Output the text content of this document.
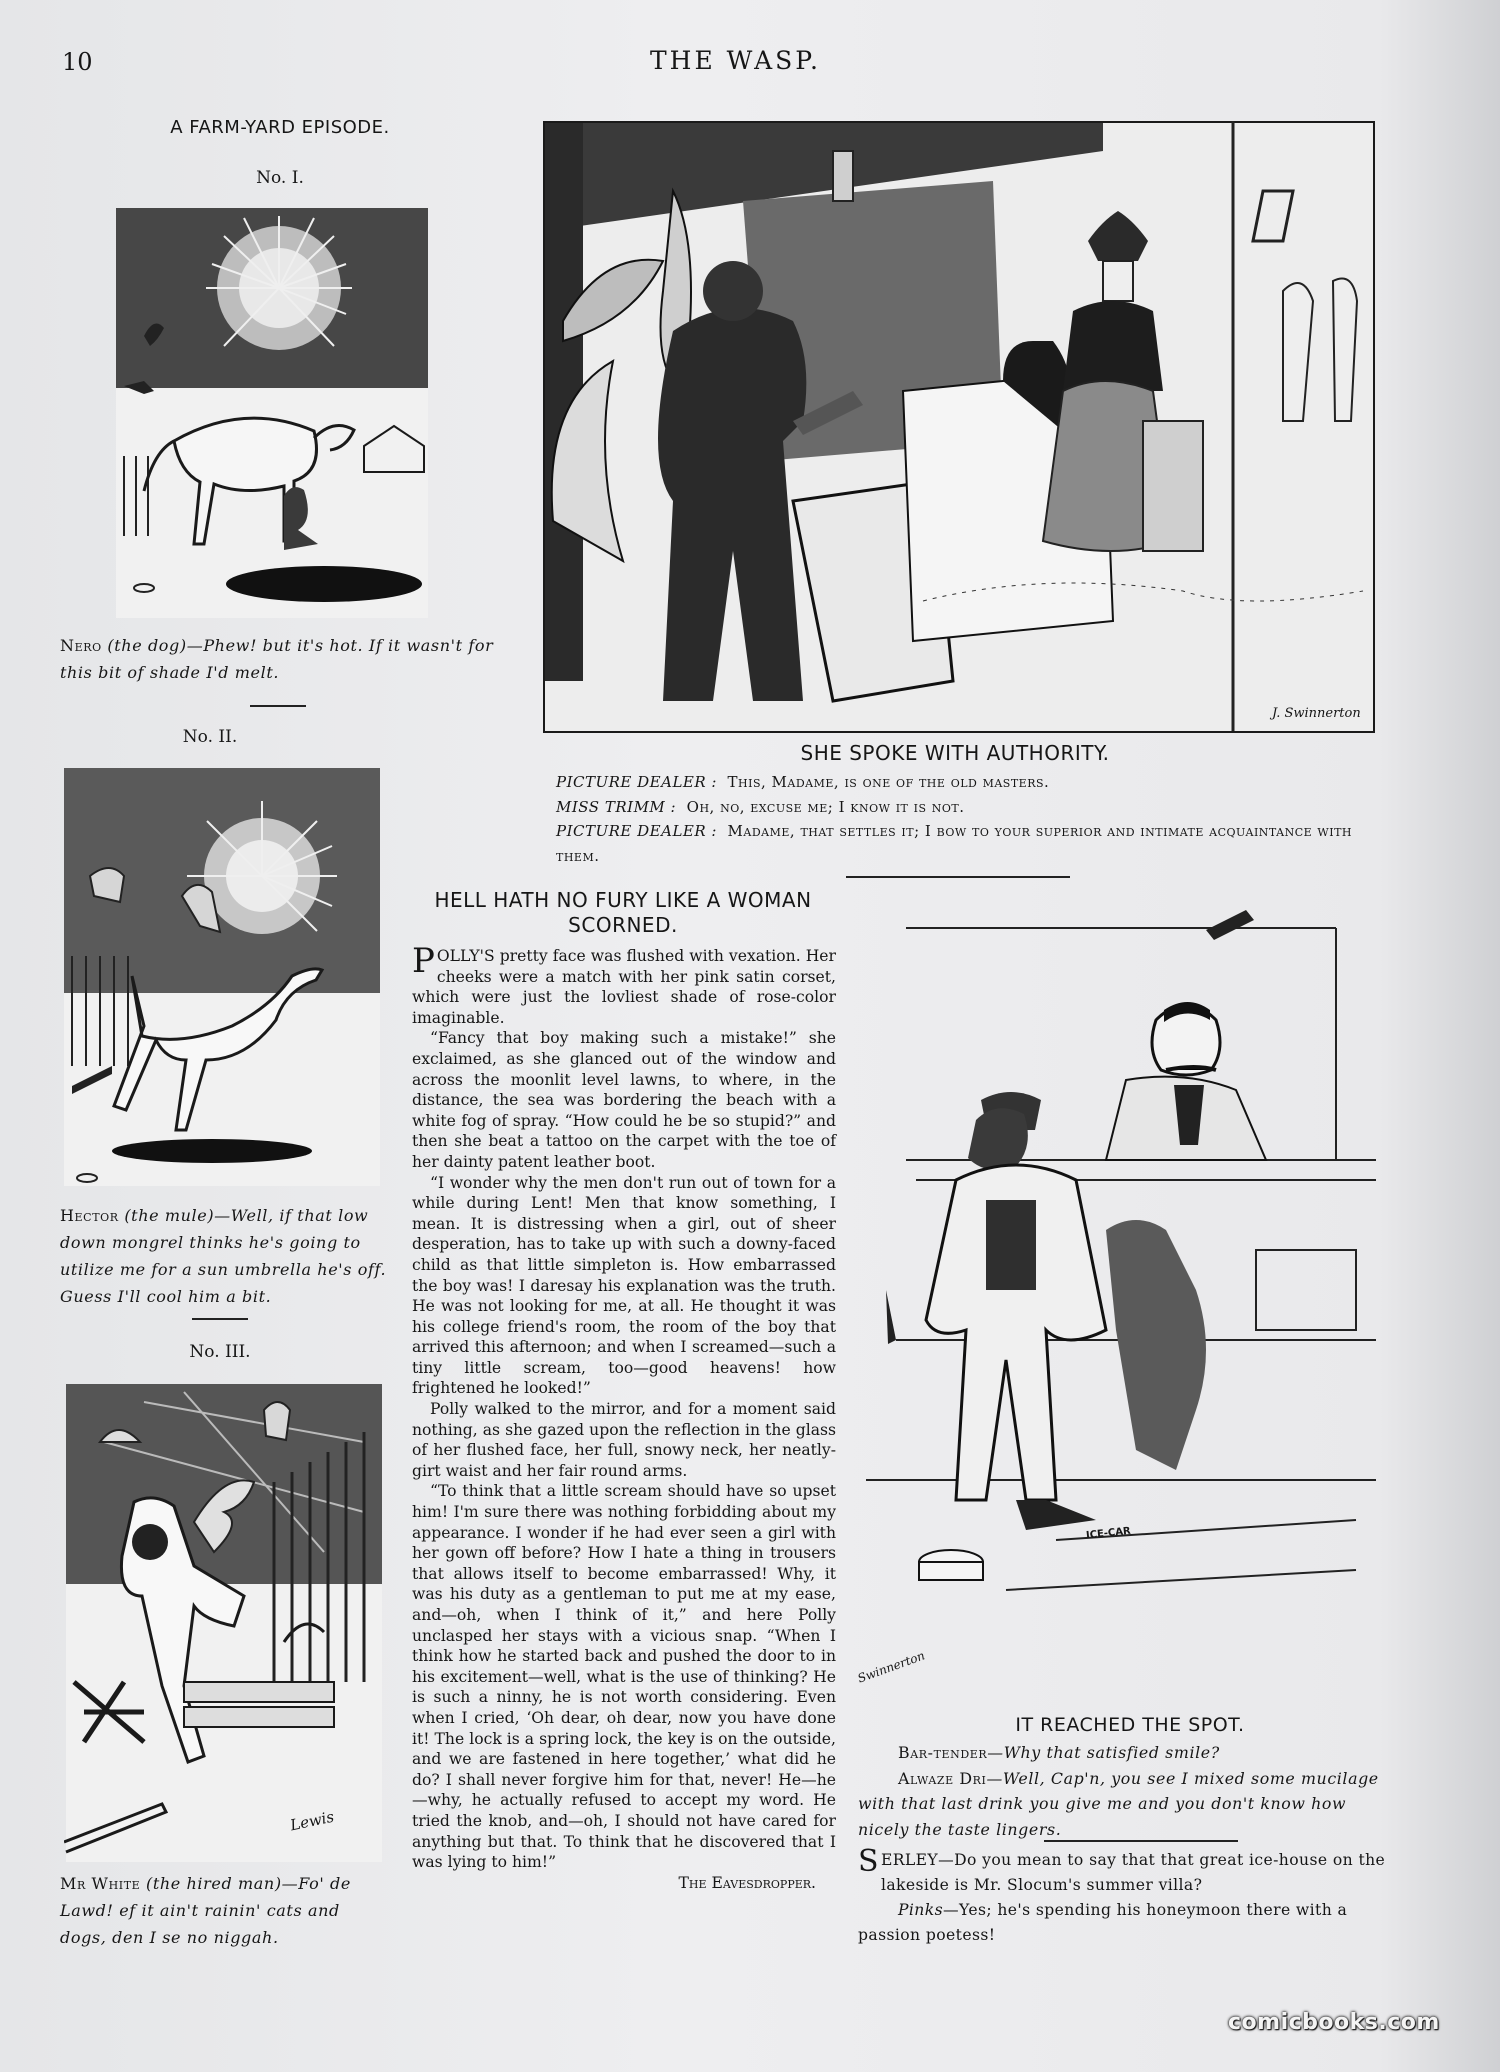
10	THE WASP.
A FARM-YARD EPISODE.
No. I.
Nero (the dog)—Phew! but it's hot. If it wasn't for this bit of shade I'd melt.
No. II.
Hector (the mule)—Well, if that low down mongrel thinks he's going to utilize me for a sun umbrella he's off. Guess I'll cool him a bit.
No. III.
Lewis
Mr White (the hired man)—Fo' de Lawd! ef it ain't rainin' cats and dogs, den I se no niggah.
J. Swinnerton
SHE SPOKE WITH AUTHORITY.
PICTURE DEALER : This, Madame, is one of the old masters.
MISS TRIMM : Oh, no, excuse me; I know it is not.
PICTURE DEALER : Madame, that settles it; I bow to your superior and intimate acquaintance with them.
HELL HATH NO FURY LIKE A WOMAN SCORNED.

POLLY'S pretty face was flushed with vexation. Her cheeks were a match with her pink satin corset, which were just the lovliest shade of rose-color imaginable.

“Fancy that boy making such a mistake!” she exclaimed, as she glanced out of the window and across the moonlit level lawns, to where, in the distance, the sea was bordering the beach with a white fog of spray. “How could he be so stupid?” and then she beat a tattoo on the carpet with the toe of her dainty patent leather boot.

“I wonder why the men don't run out of town for a while during Lent! Men that know something, I mean. It is distressing when a girl, out of sheer desperation, has to take up with such a downy-faced child as that little simpleton is. How embarrassed the boy was! I daresay his explanation was the truth. He was not looking for me, at all. He thought it was his college friend's room, the room of the boy that arrived this afternoon; and when I screamed—such a tiny little scream, too—good heavens! how frightened he looked!”

Polly walked to the mirror, and for a moment said nothing, as she gazed upon the reflection in the glass of her flushed face, her full, snowy neck, her neatly-girt waist and her fair round arms.

“To think that a little scream should have so upset him! I'm sure there was nothing forbidding about my appearance. I wonder if he had ever seen a girl with her gown off before? How I hate a thing in trousers that allows itself to become embarrassed! Why, it was his duty as a gentleman to put me at my ease, and—oh, when I think of it,” and here Polly unclasped her stays with a vicious snap. “When I think how he started back and pushed the door to in his excitement—well, what is the use of thinking? He is such a ninny, he is not worth considering. Even when I cried, ‘Oh dear, oh dear, now you have done it! The lock is a spring lock, the key is on the outside, and we are fastened in here together,’ what did he do? I shall never forgive him for that, never! He—he—why, he actually refused to accept my word. He tried the knob, and—oh, I should not have cared for anything but that. To think that he discovered that I was lying to him!”

The Eavesdropper.
ICE-CAR
Swinnerton
IT REACHED THE SPOT.
Bar-tender—Why that satisfied smile?
Alwaze Dri—Well, Cap'n, you see I mixed some mucilage with that last drink you give me and you don't know how nicely the taste lingers.
SERLEY—Do you mean to say that that great ice-house on the lakeside is Mr. Slocum's summer villa?
Pinks—Yes; he's spending his honeymoon there with a passion poetess!
comicbooks.com
